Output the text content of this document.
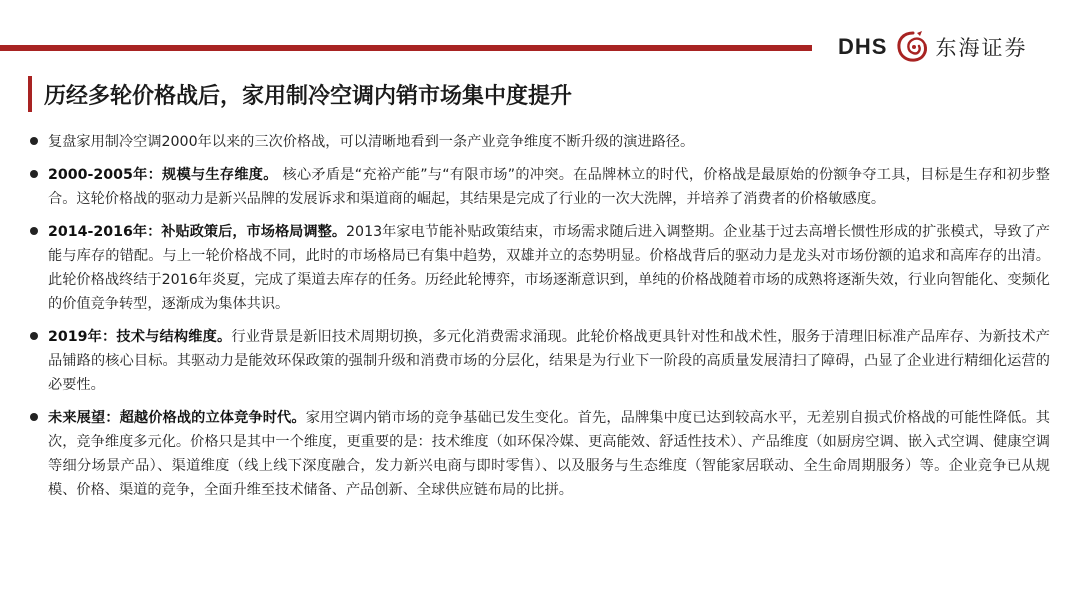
DHS 东海证券
历经多轮价格战后，家用制冷空调内销市场集中度提升

复盘家用制冷空调2000年以来的三次价格战，可以清晰地看到一条产业竞争维度不断升级的演进路径。

2000-2005年：规模与生存维度。 核心矛盾是“充裕产能”与“有限市场”的冲突。在品牌林立的时代，价格战是最原始的份额争夺工具，目标是生存和初步整合。这轮价格战的驱动力是新兴品牌的发展诉求和渠道商的崛起，其结果是完成了行业的一次大洗牌，并培养了消费者的价格敏感度。

2014-2016年：补贴政策后，市场格局调整。2013年家电节能补贴政策结束，市场需求随后进入调整期。企业基于过去高增长惯性形成的扩张模式，导致了产能与库存的错配。与上一轮价格战不同，此时的市场格局已有集中趋势，双雄并立的态势明显。价格战背后的驱动力是龙头对市场份额的追求和高库存的出清。此轮价格战终结于2016年炎夏，完成了渠道去库存的任务。历经此轮博弈，市场逐渐意识到，单纯的价格战随着市场的成熟将逐渐失效，行业向智能化、变频化的价值竞争转型，逐渐成为集体共识。

2019年：技术与结构维度。行业背景是新旧技术周期切换，多元化消费需求涌现。此轮价格战更具针对性和战术性，服务于清理旧标准产品库存、为新技术产品铺路的核心目标。其驱动力是能效环保政策的强制升级和消费市场的分层化，结果是为行业下一阶段的高质量发展清扫了障碍，凸显了企业进行精细化运营的必要性。

未来展望：超越价格战的立体竞争时代。家用空调内销市场的竞争基础已发生变化。首先，品牌集中度已达到较高水平，无差别自损式价格战的可能性降低。其次，竞争维度多元化。价格只是其中一个维度，更重要的是：技术维度（如环保冷媒、更高能效、舒适性技术）、产品维度（如厨房空调、嵌入式空调、健康空调等细分场景产品）、渠道维度（线上线下深度融合，发力新兴电商与即时零售）、以及服务与生态维度（智能家居联动、全生命周期服务）等。企业竞争已从规模、价格、渠道的竞争，全面升维至技术储备、产品创新、全球供应链布局的比拼。
